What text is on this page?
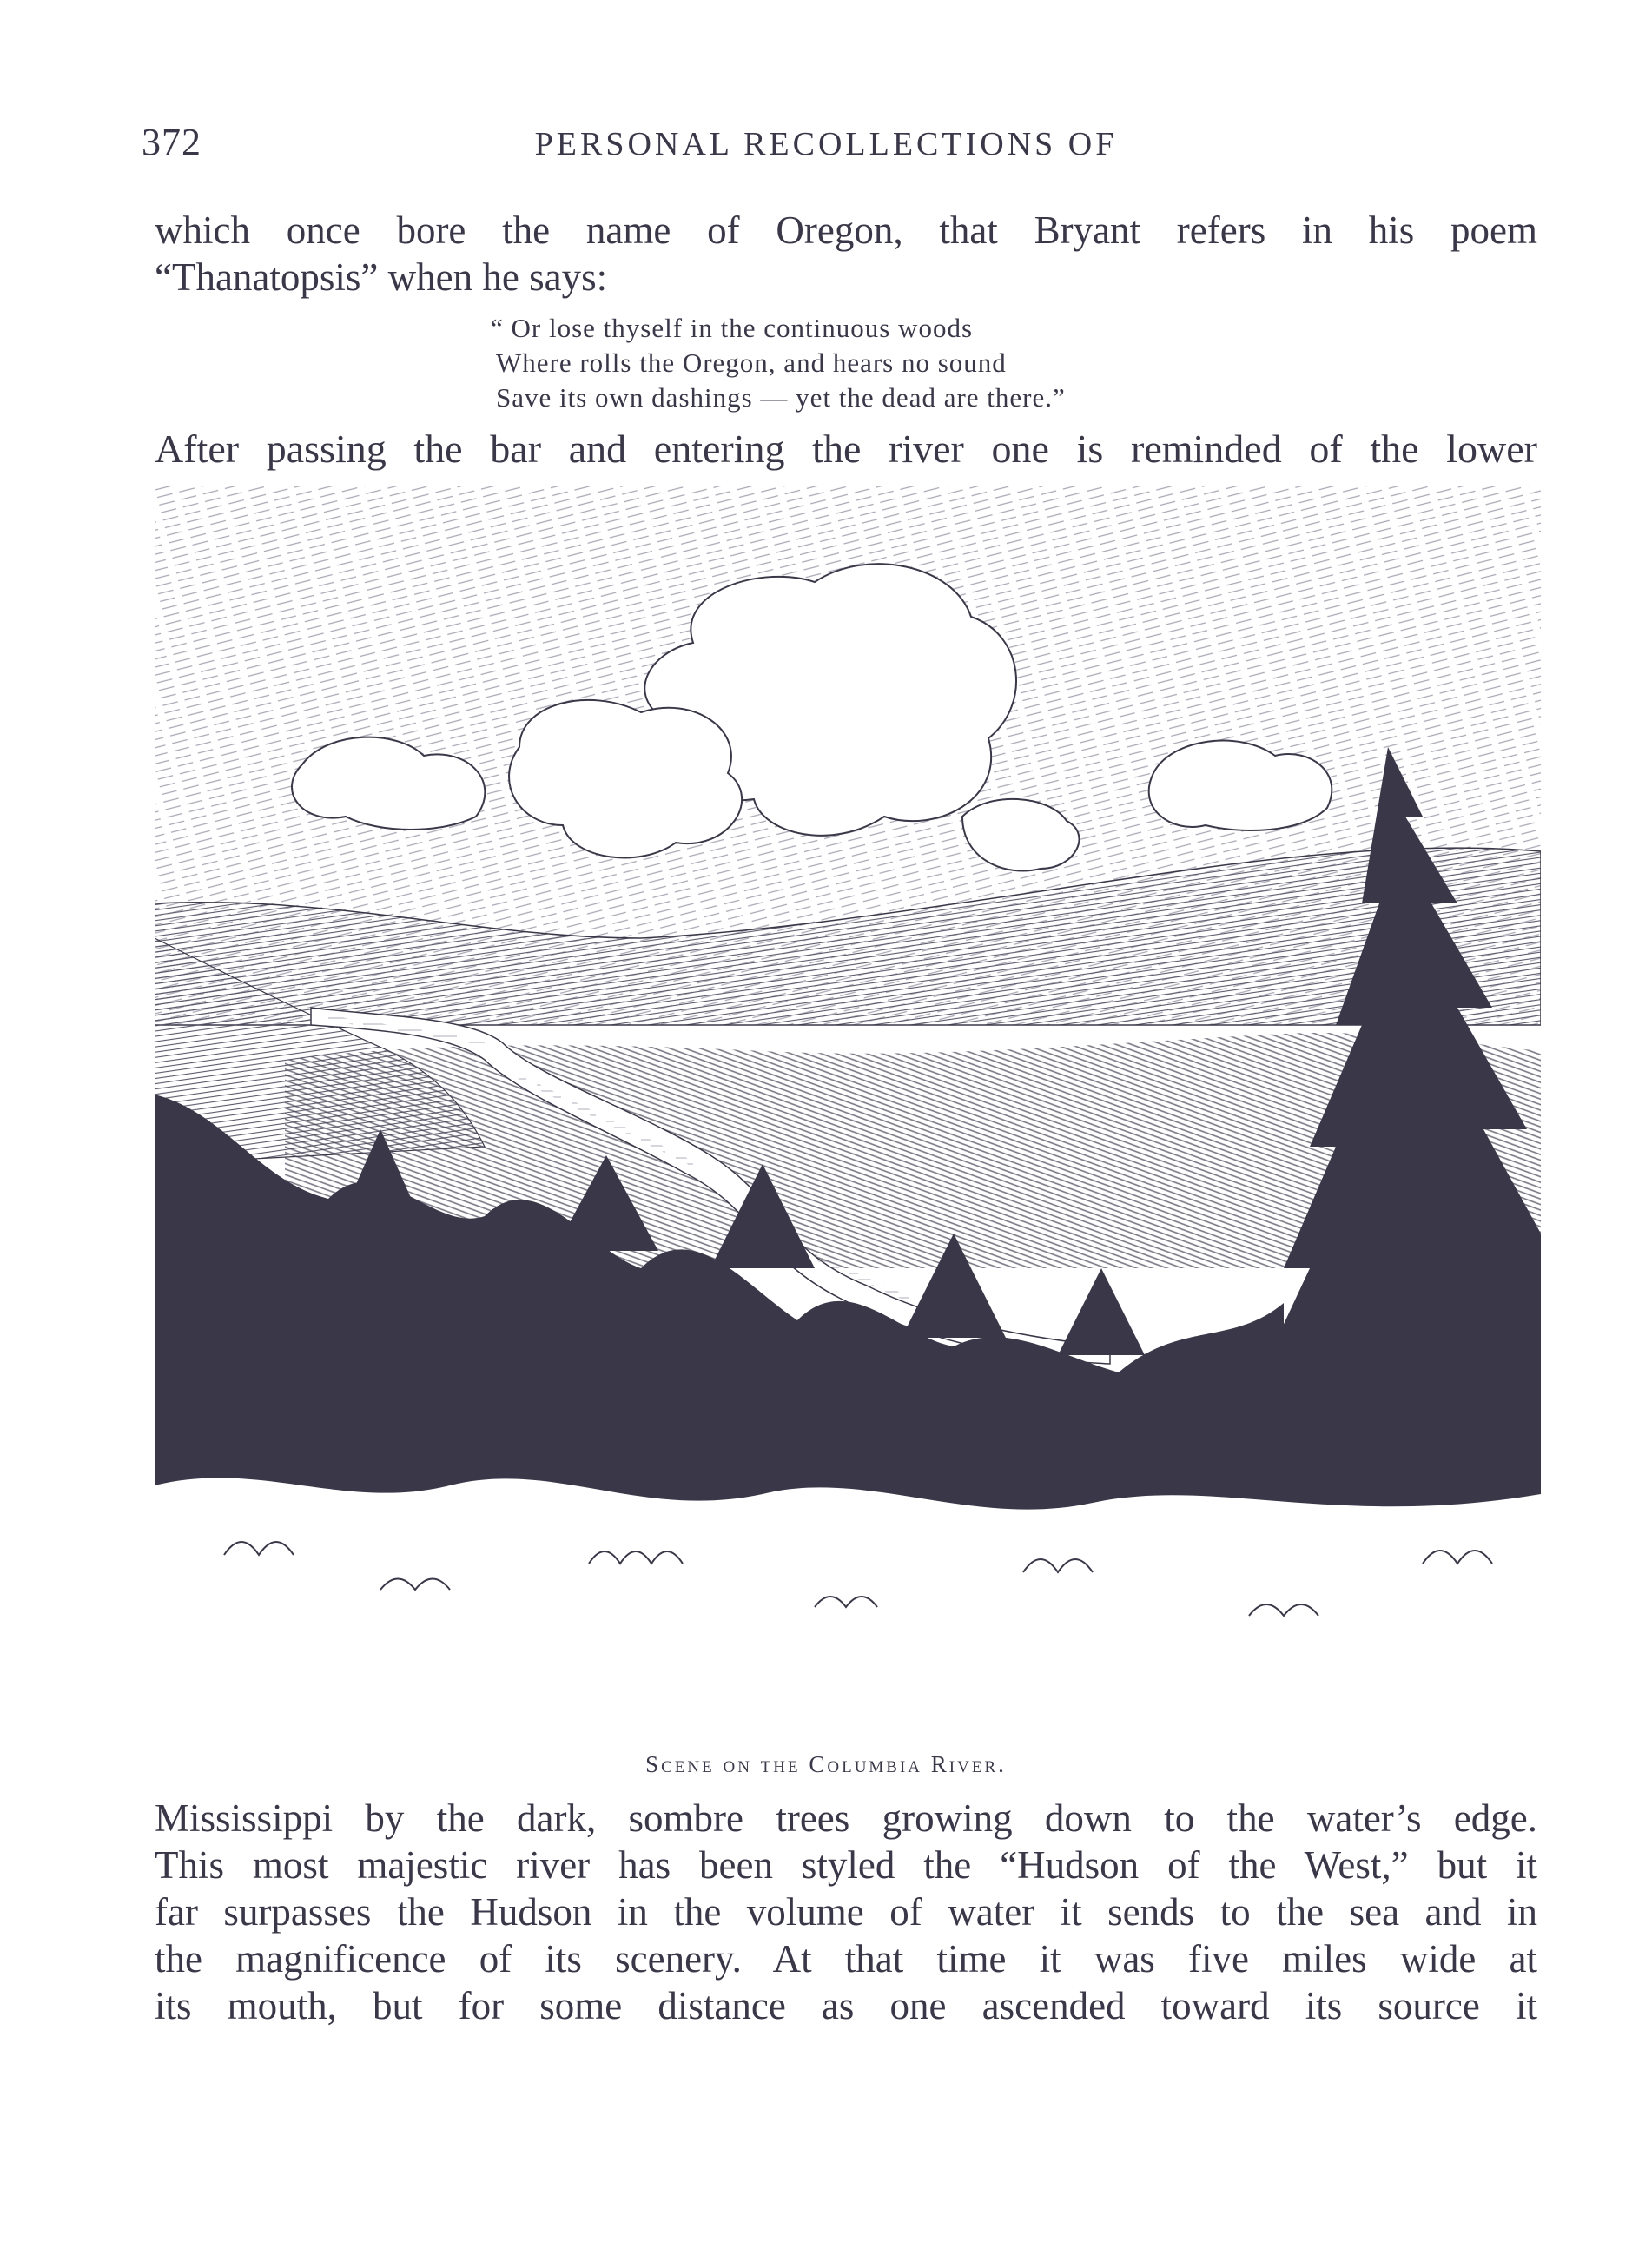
372	PERSONAL RECOLLECTIONS OF
which once bore the name of Oregon, that Bryant refers in his poem
“Thanatopsis” when he says:
“ Or lose thyself in the continuous woods
Where rolls the Oregon, and hears no sound
Save its own dashings — yet the dead are there.”
After passing the bar and entering the river one is reminded of the lower
Scene on the Columbia River.
Mississippi by the dark, sombre trees growing down to the water’s edge.
This most majestic river has been styled the “Hudson of the West,” but it
far surpasses the Hudson in the volume of water it sends to the sea and in
the magnificence of its scenery. At that time it was five miles wide at
its mouth, but for some distance as one ascended toward its source it
